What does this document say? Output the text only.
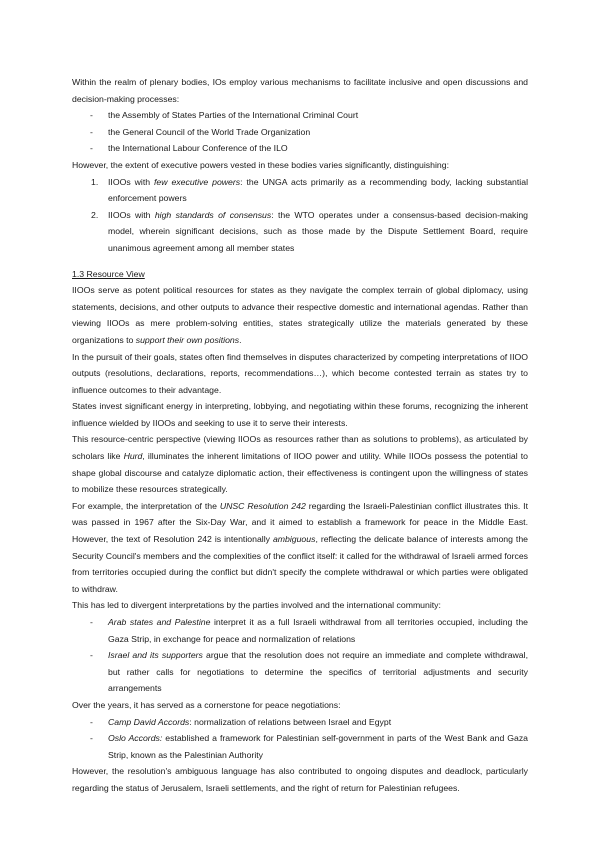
Within the realm of plenary bodies, IOs employ various mechanisms to facilitate inclusive and open discussions and decision-making processes:

- the Assembly of States Parties of the International Criminal Court
- the General Council of the World Trade Organization
- the International Labour Conference of the ILO

However, the extent of executive powers vested in these bodies varies significantly, distinguishing:

1. IIOOs with few executive powers: the UNGA acts primarily as a recommending body, lacking substantial enforcement powers
2. IIOOs with high standards of consensus: the WTO operates under a consensus-based decision-making model, wherein significant decisions, such as those made by the Dispute Settlement Board, require unanimous agreement among all member states

1.3 Resource View

IIOOs serve as potent political resources for states as they navigate the complex terrain of global diplomacy, using statements, decisions, and other outputs to advance their respective domestic and international agendas. Rather than viewing IIOOs as mere problem-solving entities, states strategically utilize the materials generated by these organizations to support their own positions.

In the pursuit of their goals, states often find themselves in disputes characterized by competing interpretations of IIOO outputs (resolutions, declarations, reports, recommendations…), which become contested terrain as states try to influence outcomes to their advantage.

States invest significant energy in interpreting, lobbying, and negotiating within these forums, recognizing the inherent influence wielded by IIOOs and seeking to use it to serve their interests.

This resource-centric perspective (viewing IIOOs as resources rather than as solutions to problems), as articulated by scholars like Hurd, illuminates the inherent limitations of IIOO power and utility. While IIOOs possess the potential to shape global discourse and catalyze diplomatic action, their effectiveness is contingent upon the willingness of states to mobilize these resources strategically.

For example, the interpretation of the UNSC Resolution 242 regarding the Israeli-Palestinian conflict illustrates this. It was passed in 1967 after the Six-Day War, and it aimed to establish a framework for peace in the Middle East. However, the text of Resolution 242 is intentionally ambiguous, reflecting the delicate balance of interests among the Security Council's members and the complexities of the conflict itself: it called for the withdrawal of Israeli armed forces from territories occupied during the conflict but didn't specify the complete withdrawal or which parties were obligated to withdraw.

This has led to divergent interpretations by the parties involved and the international community:

- Arab states and Palestine interpret it as a full Israeli withdrawal from all territories occupied, including the Gaza Strip, in exchange for peace and normalization of relations
- Israel and its supporters argue that the resolution does not require an immediate and complete withdrawal, but rather calls for negotiations to determine the specifics of territorial adjustments and security arrangements

Over the years, it has served as a cornerstone for peace negotiations:

- Camp David Accords: normalization of relations between Israel and Egypt
- Oslo Accords: established a framework for Palestinian self-government in parts of the West Bank and Gaza Strip, known as the Palestinian Authority

However, the resolution's ambiguous language has also contributed to ongoing disputes and deadlock, particularly regarding the status of Jerusalem, Israeli settlements, and the right of return for Palestinian refugees.
